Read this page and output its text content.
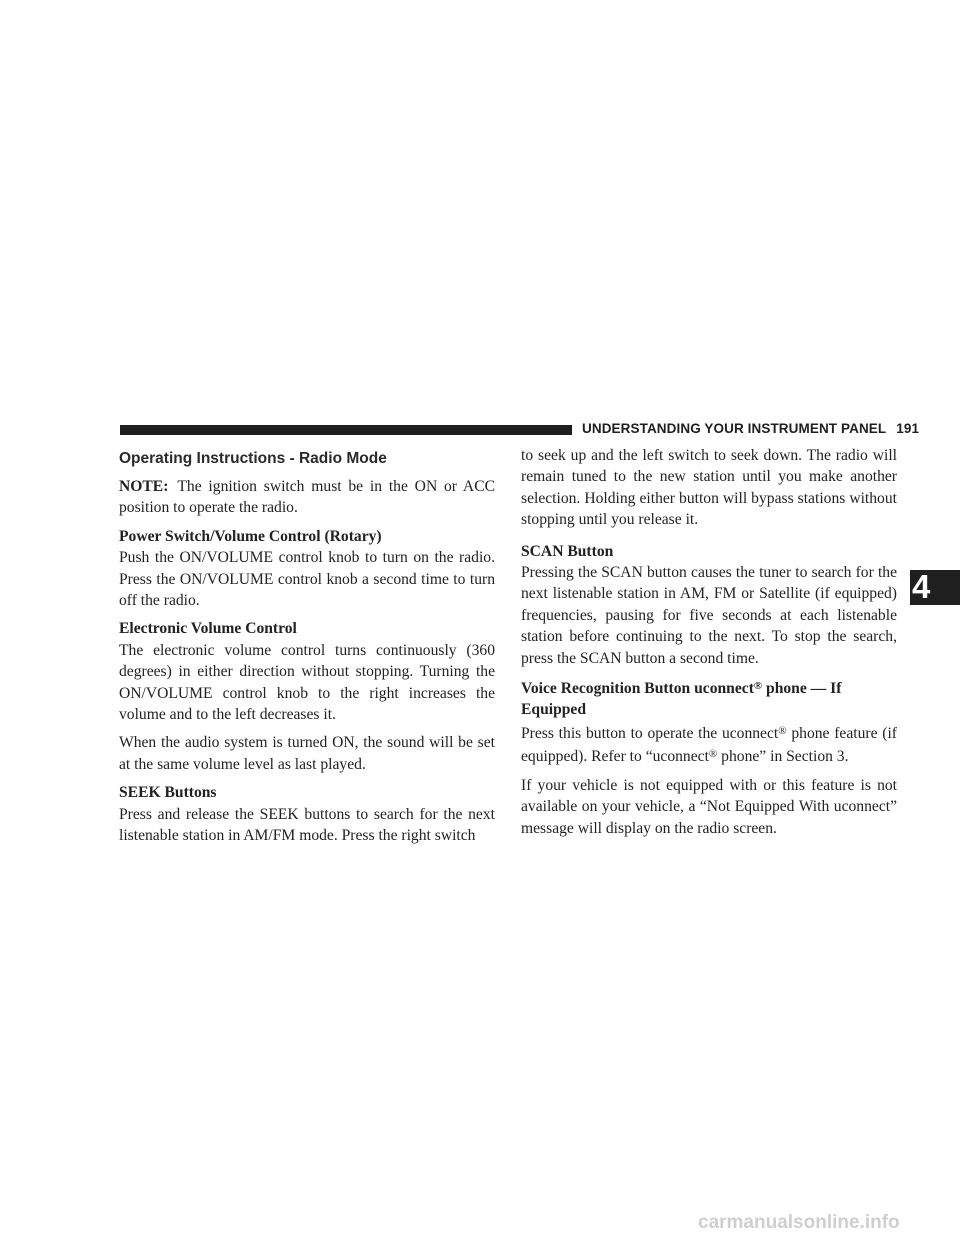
UNDERSTANDING YOUR INSTRUMENT PANEL 191
4
Operating Instructions - Radio Mode

NOTE: The ignition switch must be in the ON or ACC position to operate the radio.

Power Switch/Volume Control (Rotary)
Push the ON/VOLUME control knob to turn on the radio. Press the ON/VOLUME control knob a second time to turn off the radio.

Electronic Volume Control
The electronic volume control turns continuously (360 degrees) in either direction without stopping. Turning the ON/VOLUME control knob to the right increases the volume and to the left decreases it.

When the audio system is turned ON, the sound will be set at the same volume level as last played.

SEEK Buttons
Press and release the SEEK buttons to search for the next listenable station in AM/FM mode. Press the right switch

to seek up and the left switch to seek down. The radio will remain tuned to the new station until you make another selection. Holding either button will bypass stations without stopping until you release it.

SCAN Button
Pressing the SCAN button causes the tuner to search for the next listenable station in AM, FM or Satellite (if equipped) frequencies, pausing for five seconds at each listenable station before continuing to the next. To stop the search, press the SCAN button a second time.

Voice Recognition Button uconnect® phone — If Equipped
Press this button to operate the uconnect® phone feature (if equipped). Refer to “uconnect® phone” in Section 3.

If your vehicle is not equipped with or this feature is not available on your vehicle, a “Not Equipped With uconnect” message will display on the radio screen.

carmanualsonline.info
